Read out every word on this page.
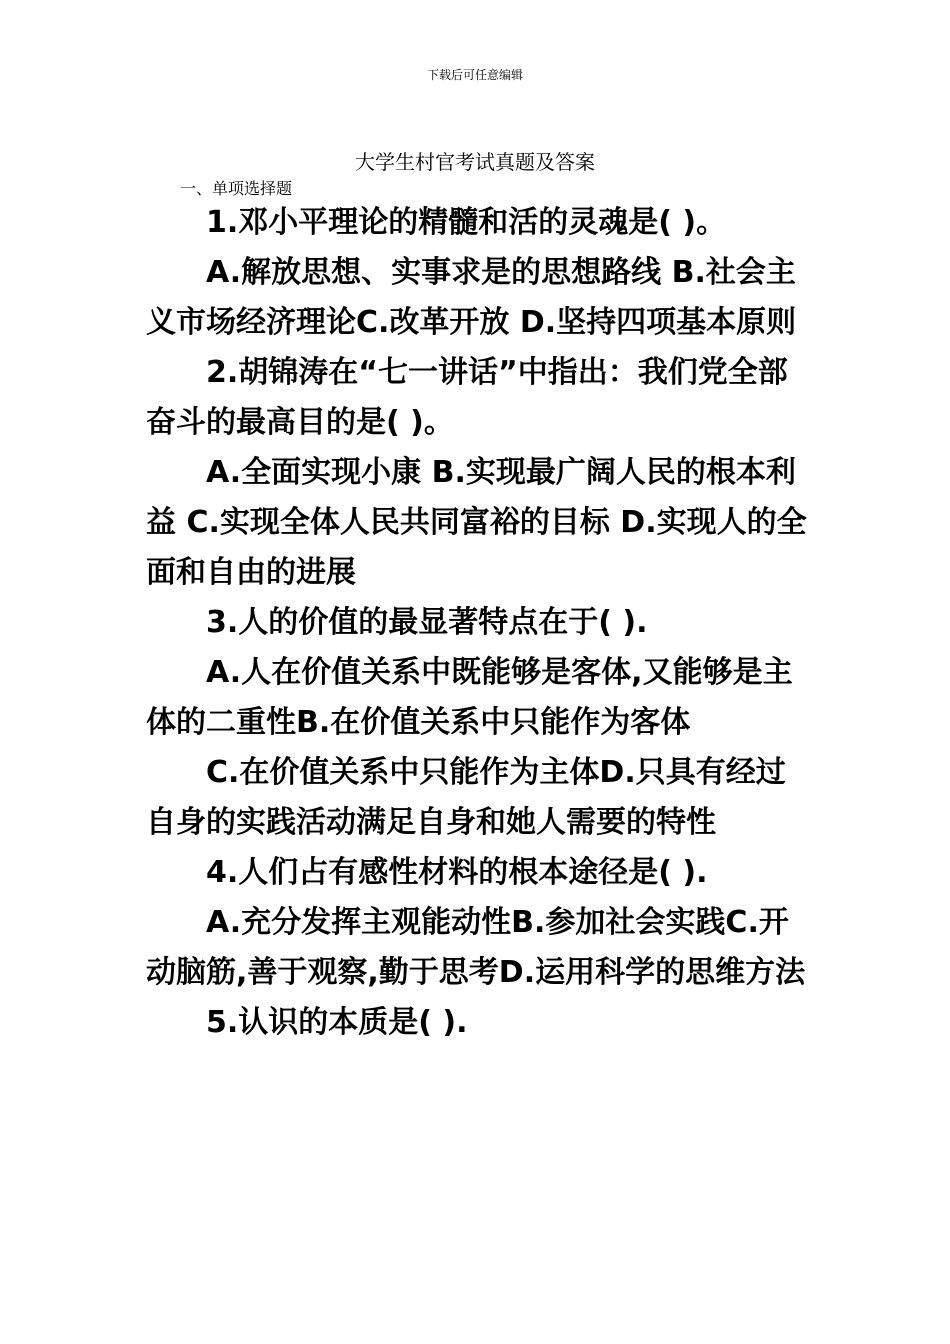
下载后可任意编辑
大学生村官考试真题及答案
一、单项选择题

1.邓小平理论的精髓和活的灵魂是( )。

A.解放思想、实事求是的思想路线 B.社会主义市场经济理论C.改革开放 D.坚持四项基本原则

2.胡锦涛在“七一讲话”中指出：我们党全部奋斗的最高目的是( )。

A.全面实现小康 B.实现最广阔人民的根本利益 C.实现全体人民共同富裕的目标 D.实现人的全面和自由的进展

3.人的价值的最显著特点在于( ).

A.人在价值关系中既能够是客体,又能够是主体的二重性B.在价值关系中只能作为客体

C.在价值关系中只能作为主体D.只具有经过自身的实践活动满足自身和她人需要的特性

4.人们占有感性材料的根本途径是( ).

A.充分发挥主观能动性B.参加社会实践C.开动脑筋,善于观察,勤于思考D.运用科学的思维方法

5.认识的本质是( ).
